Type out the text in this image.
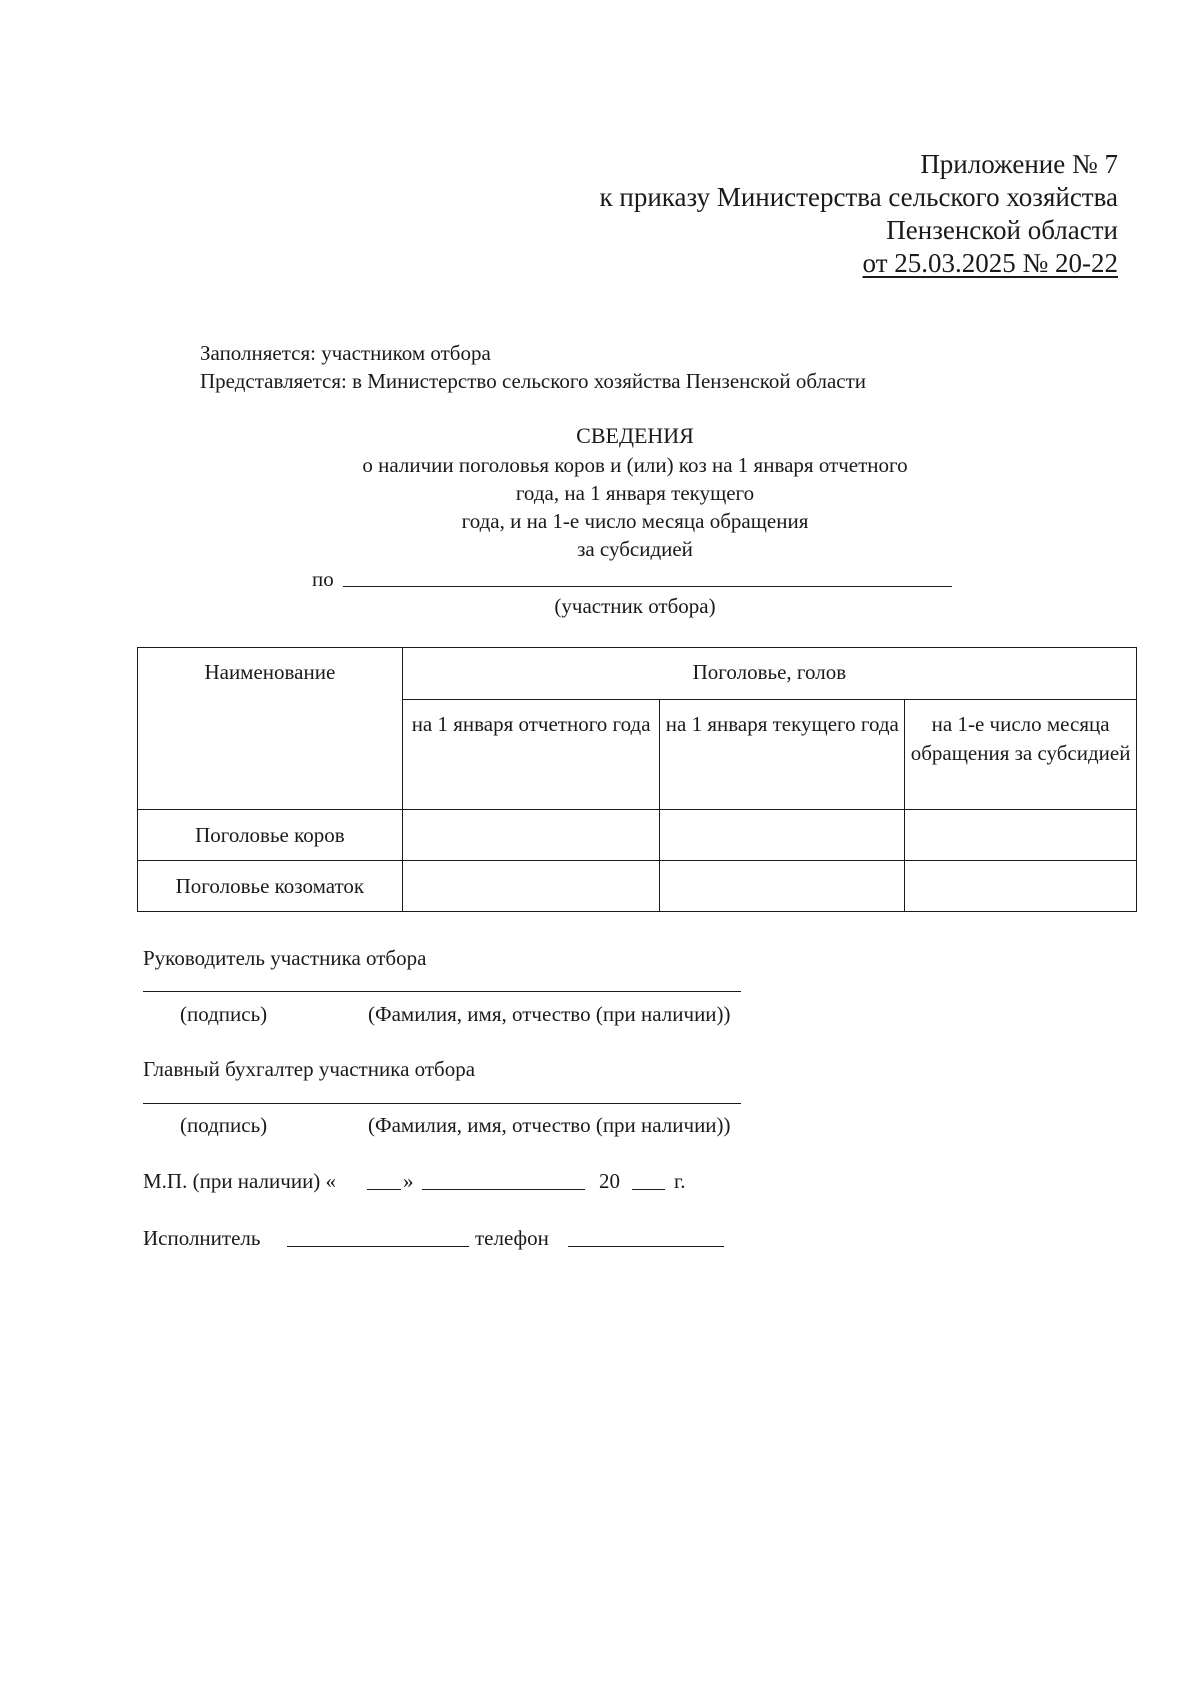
Приложение № 7
к приказу Министерства сельского хозяйства
Пензенской области
от 25.03.2025 № 20-22
Заполняется: участником отбора
Представляется: в Министерство сельского хозяйства Пензенской области
СВЕДЕНИЯ
о наличии поголовья коров и (или) коз на 1 января отчетного
года, на 1 января текущего
года, и на 1-е число месяца обращения
за субсидией
по
(участник отбора)
Наименование	Поголовье, голов		
	на 1 января отчетного года	на 1 января текущего года	на 1-е число месяца обращения за субсидией
Поголовье коров			
Поголовье козоматок			
Руководитель участника отбора
(подпись)	(Фамилия, имя, отчество (при наличии))
Главный бухгалтер участника отбора
(подпись)	(Фамилия, имя, отчество (при наличии))
М.П. (при наличии) «	»	20	г.
Исполнитель	телефон
